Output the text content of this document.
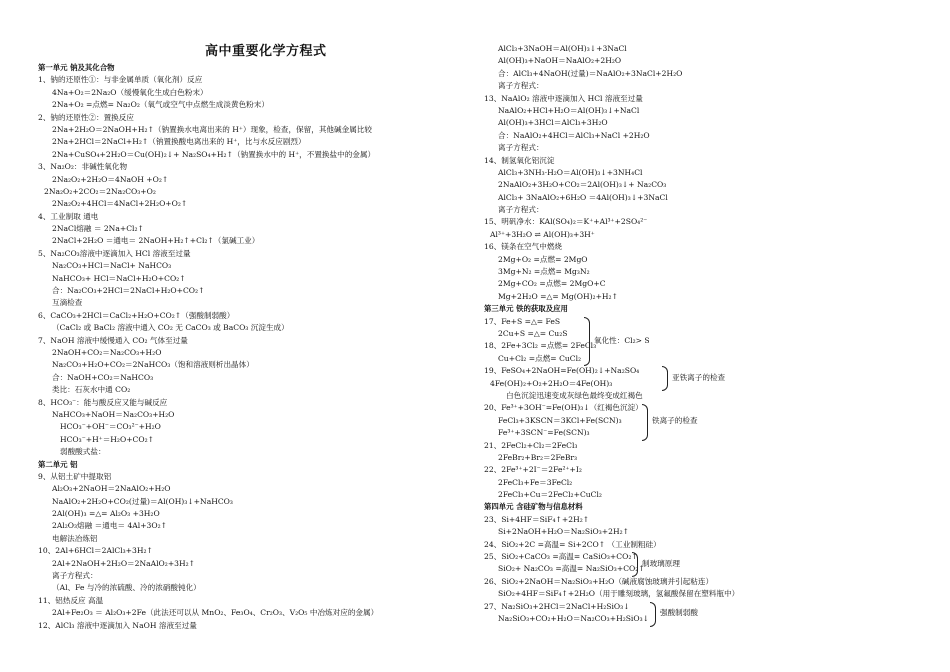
高中重要化学方程式
第一单元 钠及其化合物
1、钠的还原性①：与非金属单质（氧化剂）反应
4Na+O₂＝2Na₂O（缓慢氧化生成白色粉末）
2Na+O₂ =点燃= Na₂O₂（氧气或空气中点燃生成淡黄色粉末）
2、钠的还原性②：置换反应
2Na+2H₂O＝2NaOH+H₂↑（钠置换水电离出来的 H⁺）现象，检查，保留，其他碱金属比较
2Na+2HCl＝2NaCl+H₂↑（钠置换酸电离出来的 H⁺，比与水反应剧烈）
2Na+CuSO₄+2H₂O＝Cu(OH)₂↓+ Na₂SO₄+H₂↑（钠置换水中的 H⁺，不置换盐中的金属）
3、Na₂O₂：非碱性氧化物
2Na₂O₂+2H₂O＝4NaOH +O₂↑
2Na₂O₂+2CO₂＝2Na₂CO₃+O₂
2Na₂O₂+4HCl＝4NaCl+2H₂O+O₂↑
4、工业制取 通电
2NaCl熔融 ＝ 2Na+Cl₂↑
2NaCl+2H₂O ＝通电＝ 2NaOH+H₂↑+Cl₂↑（氯碱工业）
5、Na₂CO₃溶液中逐滴加入 HCl 溶液至过量
Na₂CO₃+HCl＝NaCl+ NaHCO₃
NaHCO₃+ HCl＝NaCl+H₂O+CO₂↑
合：Na₂CO₃+2HCl＝2NaCl+H₂O+CO₂↑
互滴检查
6、CaCO₃+2HCl＝CaCl₂+H₂O+CO₂↑（强酸制弱酸）
（CaCl₂ 或 BaCl₂ 溶液中通入 CO₂ 无 CaCO₃ 或 BaCO₃ 沉淀生成）
7、NaOH 溶液中缓慢通入 CO₂ 气体至过量
2NaOH+CO₂＝Na₂CO₃+H₂O
Na₂CO₃+H₂O+CO₂＝2NaHCO₃（饱和溶液则析出晶体）
合：NaOH+CO₂＝NaHCO₃
类比：石灰水中通 CO₂
8、HCO₃⁻：能与酸反应又能与碱反应
NaHCO₃+NaOH＝Na₂CO₃+H₂O
HCO₃⁻+OH⁻＝CO₃²⁻+H₂O
HCO₃⁻+H⁺＝H₂O+CO₂↑
弱酸酸式盐：
第二单元 铝
9、从铝土矿中提取铝
Al₂O₃+2NaOH＝2NaAlO₂+H₂O
NaAlO₂+2H₂O+CO₂(过量)＝Al(OH)₃↓+NaHCO₃
2Al(OH)₃ =△= Al₂O₃ +3H₂O
2Al₂O₃熔融 ＝通电＝ 4Al+3O₂↑
电解法冶炼铝
10、2Al+6HCl＝2AlCl₃+3H₂↑
2Al+2NaOH+2H₂O＝2NaAlO₂+3H₂↑
离子方程式：
（Al、Fe 与冷的浓硫酸、冷的浓硝酸钝化）
11、铝热反应 高温
2Al+Fe₂O₃ ＝ Al₂O₃+2Fe（此法还可以从 MnO₂、Fe₃O₄、Cr₂O₃、V₂O₅ 中冶炼对应的金属）
12、AlCl₃ 溶液中逐滴加入 NaOH 溶液至过量
AlCl₃+3NaOH＝Al(OH)₃↓+3NaCl
Al(OH)₃+NaOH＝NaAlO₂+2H₂O
合：AlCl₃+4NaOH(过量)＝NaAlO₂+3NaCl+2H₂O
离子方程式：
13、NaAlO₂ 溶液中逐滴加入 HCl 溶液至过量
NaAlO₂+HCl+H₂O＝Al(OH)₃↓+NaCl
Al(OH)₃+3HCl＝AlCl₃+3H₂O
合：NaAlO₂+4HCl＝AlCl₃+NaCl +2H₂O
离子方程式：
14、制氢氧化铝沉淀
AlCl₃+3NH₃·H₂O＝Al(OH)₃↓+3NH₄Cl
2NaAlO₂+3H₂O+CO₂＝2Al(OH)₃↓+ Na₂CO₃
AlCl₃+ 3NaAlO₂+6H₂O ＝4Al(OH)₃↓+3NaCl
离子方程式：
15、明矾净水：KAl(SO₄)₂＝K⁺+Al³⁺+2SO₄²⁻
Al³⁺+3H₂O ⇌ Al(OH)₃+3H⁺
16、镁条在空气中燃烧
2Mg+O₂ =点燃= 2MgO
3Mg+N₂ =点燃= Mg₃N₂
2Mg+CO₂ =点燃= 2MgO+C
Mg+2H₂O =△= Mg(OH)₂+H₂↑
第三单元 铁的获取及应用
17、Fe+S =△= FeS
2Cu+S =△= Cu₂S
18、2Fe+3Cl₂ =点燃= 2FeCl₃
Cu+Cl₂ =点燃= CuCl₂
19、FeSO₄+2NaOH=Fe(OH)₂↓+Na₂SO₄
4Fe(OH)₂+O₂+2H₂O＝4Fe(OH)₃
白色沉淀迅速变成灰绿色最终变成红褐色
20、Fe³⁺+3OH⁻=Fe(OH)₃↓（红褐色沉淀）
FeCl₃+3KSCN＝3KCl+Fe(SCN)₃
Fe³⁺+3SCN⁻=Fe(SCN)₃
21、2FeCl₂+Cl₂＝2FeCl₃
2FeBr₂+Br₂＝2FeBr₃
22、2Fe³⁺+2I⁻＝2Fe²⁺+I₂
2FeCl₃+Fe＝3FeCl₂
2FeCl₃+Cu＝2FeCl₂+CuCl₂
第四单元 含硅矿物与信息材料
23、Si+4HF＝SiF₄↑+2H₂↑
Si+2NaOH+H₂O＝Na₂SiO₃+2H₂↑
24、SiO₂+2C =高温= Si+2CO↑ （工业制粗硅）
25、SiO₂+CaCO₃ =高温= CaSiO₃+CO₂↑
SiO₂+ Na₂CO₃ =高温= Na₂SiO₃+CO₂↑
26、SiO₂+2NaOH＝Na₂SiO₃+H₂O（碱液腐蚀玻璃并引起粘连）
SiO₂+4HF＝SiF₄↑+2H₂O（用于雕刻玻璃，氢氟酸保留在塑料瓶中）
27、Na₂SiO₃+2HCl＝2NaCl+H₂SiO₃↓
Na₂SiO₃+CO₂+H₂O＝Na₂CO₃+H₂SiO₃↓
氧化性：Cl₂> S
亚铁离子的检查
铁离子的检查
制玻璃原理
强酸制弱酸
